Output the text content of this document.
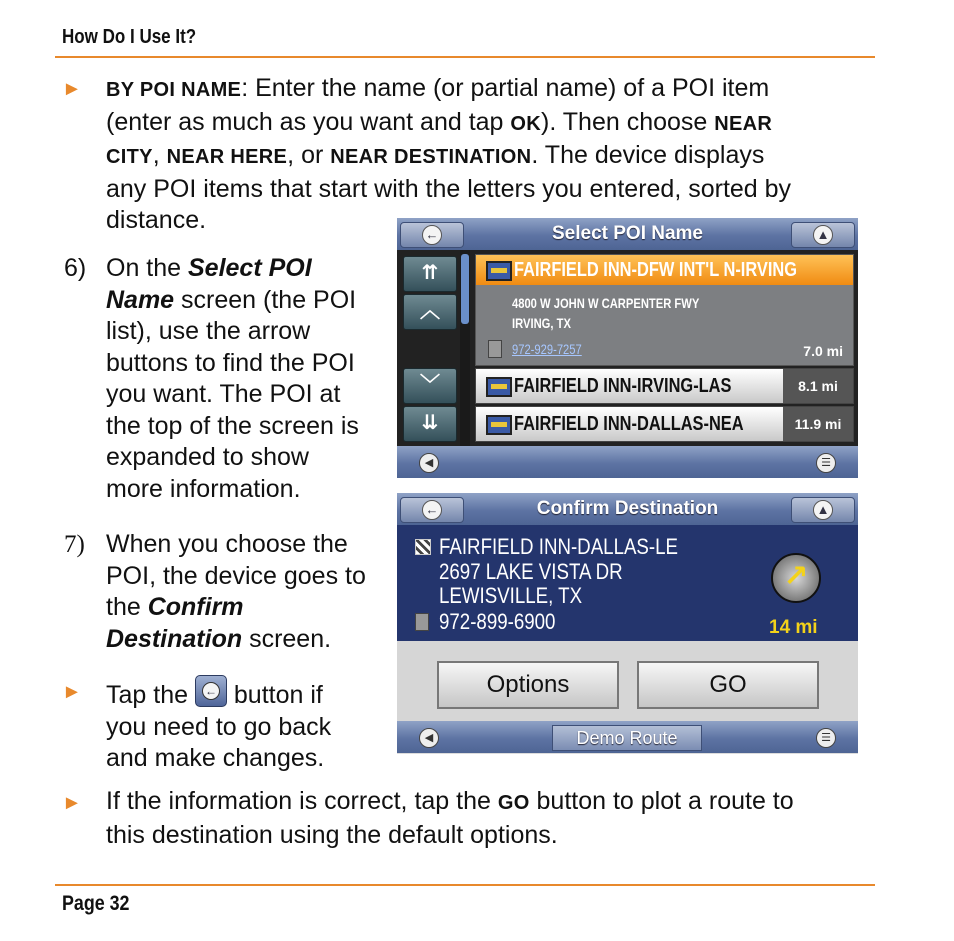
How Do I Use It?
► BY POI NAME: Enter the name (or partial name) of a POI item
(enter as much as you want and tap OK). Then choose NEAR
CITY, NEAR HERE, or NEAR DESTINATION. The device displays
any POI items that start with the letters you entered, sorted by
distance.
6) On the Select POI
Name screen (the POI
list), use the arrow
buttons to find the POI
you want. The POI at
the top of the screen is
expanded to show
more information.
7) When you choose the
POI, the device goes to
the Confirm
Destination screen.
► Tap the ← button if
you need to go back
and make changes.
► If the information is correct, tap the GO button to plot a route to
this destination using the default options.
←	Select POI Name	▲
⇈
︿
﹀
⇊
FAIRFIELD INN-DFW INT'L N-IRVING
4800 W JOHN W CARPENTER FWY
IRVING, TX
972-929-7257	7.0 mi
FAIRFIELD INN-IRVING-LAS	8.1 mi
FAIRFIELD INN-DALLAS-NEA	11.9 mi
◀	☰
←	Confirm Destination	▲
FAIRFIELD INN-DALLAS-LE
2697 LAKE VISTA DR
LEWISVILLE, TX
972-899-6900
↗
14 mi
Options	GO
◀	Demo Route	☰
Page 32
